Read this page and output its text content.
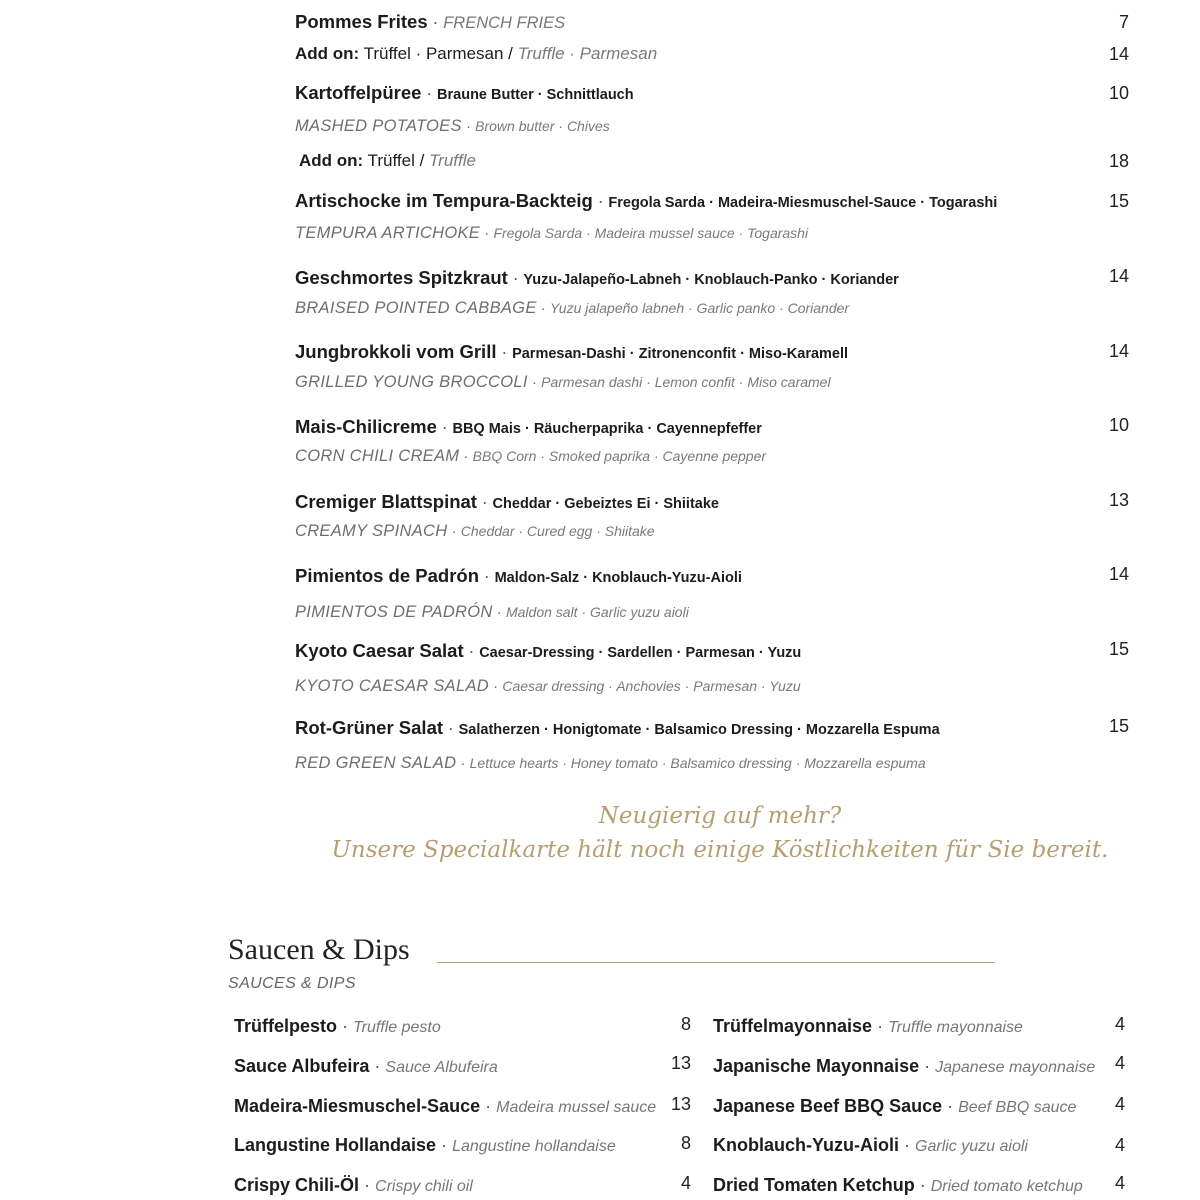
Pommes Frites · FRENCH FRIES	7
Add on: Trüffel · Parmesan / Truffle · Parmesan	14
Kartoffelpüree · Braune Butter · Schnittlauch	10
MASHED POTATOES · Brown butter · Chives
Add on: Trüffel / Truffle	18
Artischocke im Tempura-Backteig · Fregola Sarda · Madeira-Miesmuschel-Sauce · Togarashi	15
TEMPURA ARTICHOKE · Fregola Sarda · Madeira mussel sauce · Togarashi
Geschmortes Spitzkraut · Yuzu-Jalapeño-Labneh · Knoblauch-Panko · Koriander	14
BRAISED POINTED CABBAGE · Yuzu jalapeño labneh · Garlic panko · Coriander
Jungbrokkoli vom Grill · Parmesan-Dashi · Zitronenconfit · Miso-Karamell	14
GRILLED YOUNG BROCCOLI · Parmesan dashi · Lemon confit · Miso caramel
Mais-Chilicreme · BBQ Mais · Räucherpaprika · Cayennepfeffer	10
CORN CHILI CREAM · BBQ Corn · Smoked paprika · Cayenne pepper
Cremiger Blattspinat · Cheddar · Gebeiztes Ei · Shiitake	13
CREAMY SPINACH · Cheddar · Cured egg · Shiitake
Pimientos de Padrón · Maldon-Salz · Knoblauch-Yuzu-Aioli	14
PIMIENTOS DE PADRÓN · Maldon salt · Garlic yuzu aioli
Kyoto Caesar Salat · Caesar-Dressing · Sardellen · Parmesan · Yuzu	15
KYOTO CAESAR SALAD · Caesar dressing · Anchovies · Parmesan · Yuzu
Rot-Grüner Salat · Salatherzen · Honigtomate · Balsamico Dressing · Mozzarella Espuma	15
RED GREEN SALAD · Lettuce hearts · Honey tomato · Balsamico dressing · Mozzarella espuma
Neugierig auf mehr?
Unsere Specialkarte hält noch einige Köstlichkeiten für Sie bereit.
Saucen & Dips
SAUCES & DIPS
Trüffelpesto · Truffle pesto	8
Sauce Albufeira · Sauce Albufeira	13
Madeira-Miesmuschel-Sauce · Madeira mussel sauce 13
Langustine Hollandaise · Langustine hollandaise	8
Crispy Chili-Öl · Crispy chili oil	4
Trüffelmayonnaise · Truffle mayonnaise	4
Japanische Mayonnaise · Japanese mayonnaise 4
Japanese Beef BBQ Sauce · Beef BBQ sauce 4
Knoblauch-Yuzu-Aioli · Garlic yuzu aioli	4
Dried Tomaten Ketchup · Dried tomato ketchup 4
